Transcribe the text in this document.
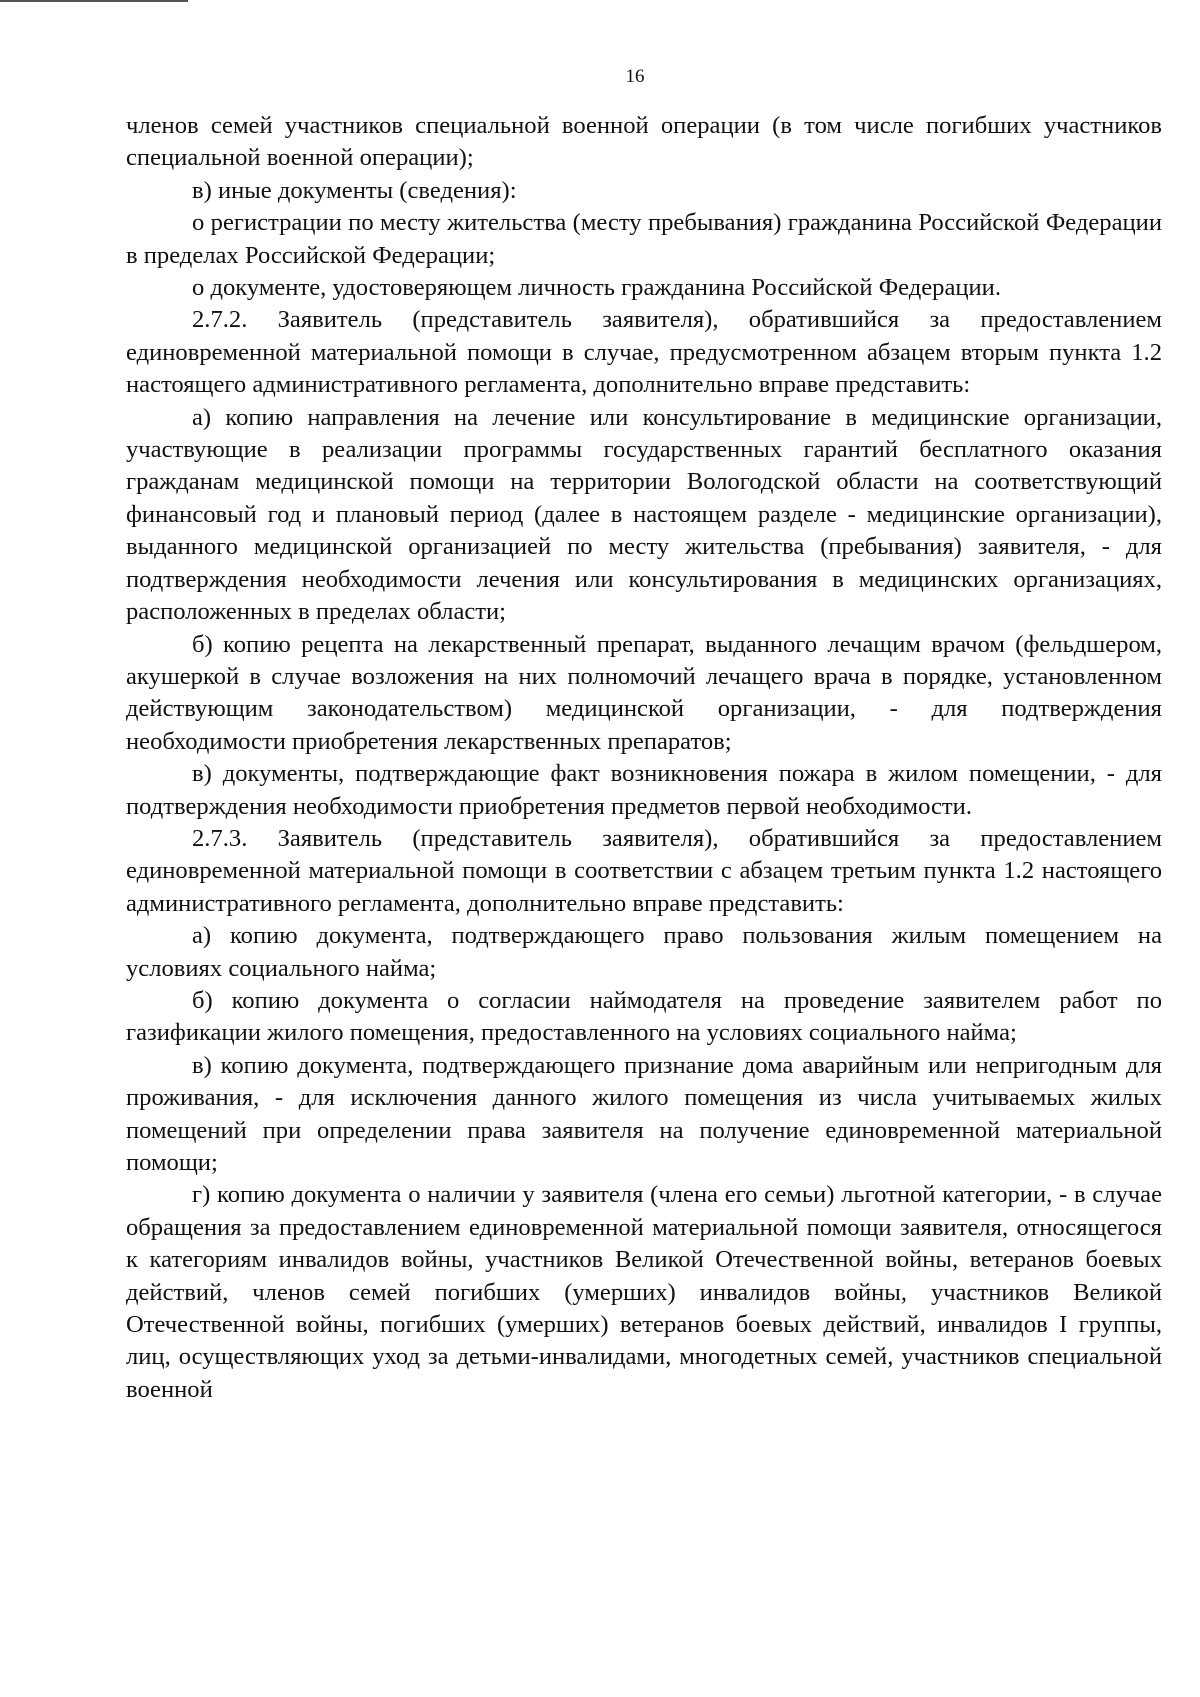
16

членов семей участников специальной военной операции (в том числе погибших участников специальной военной операции);

в) иные документы (сведения):

о регистрации по месту жительства (месту пребывания) гражданина Российской Федерации в пределах Российской Федерации;

о документе, удостоверяющем личность гражданина Российской Федерации.

2.7.2. Заявитель (представитель заявителя), обратившийся за предоставлением единовременной материальной помощи в случае, предусмотренном абзацем вторым пункта 1.2 настоящего административного регламента, дополнительно вправе представить:

а) копию направления на лечение или консультирование в медицинские организации, участвующие в реализации программы государственных гарантий бесплатного оказания гражданам медицинской помощи на территории Вологодской области на соответствующий финансовый год и плановый период (далее в настоящем разделе - медицинские организации), выданного медицинской организацией по месту жительства (пребывания) заявителя, - для подтверждения необходимости лечения или консультирования в медицинских организациях, расположенных в пределах области;

б) копию рецепта на лекарственный препарат, выданного лечащим врачом (фельдшером, акушеркой в случае возложения на них полномочий лечащего врача в порядке, установленном действующим законодательством) медицинской организации, - для подтверждения необходимости приобретения лекарственных препаратов;

в) документы, подтверждающие факт возникновения пожара в жилом помещении, - для подтверждения необходимости приобретения предметов первой необходимости.

2.7.3. Заявитель (представитель заявителя), обратившийся за предоставлением единовременной материальной помощи в соответствии с абзацем третьим пункта 1.2 настоящего административного регламента, дополнительно вправе представить:

а) копию документа, подтверждающего право пользования жилым помещением на условиях социального найма;

б) копию документа о согласии наймодателя на проведение заявителем работ по газификации жилого помещения, предоставленного на условиях социального найма;

в) копию документа, подтверждающего признание дома аварийным или непригодным для проживания, - для исключения данного жилого помещения из числа учитываемых жилых помещений при определении права заявителя на получение единовременной материальной помощи;

г) копию документа о наличии у заявителя (члена его семьи) льготной категории, - в случае обращения за предоставлением единовременной материальной помощи заявителя, относящегося к категориям инвалидов войны, участников Великой Отечественной войны, ветеранов боевых действий, членов семей погибших (умерших) инвалидов войны, участников Великой Отечественной войны, погибших (умерших) ветеранов боевых действий, инвалидов I группы, лиц, осуществляющих уход за детьми-инвалидами, многодетных семей, участников специальной военной
